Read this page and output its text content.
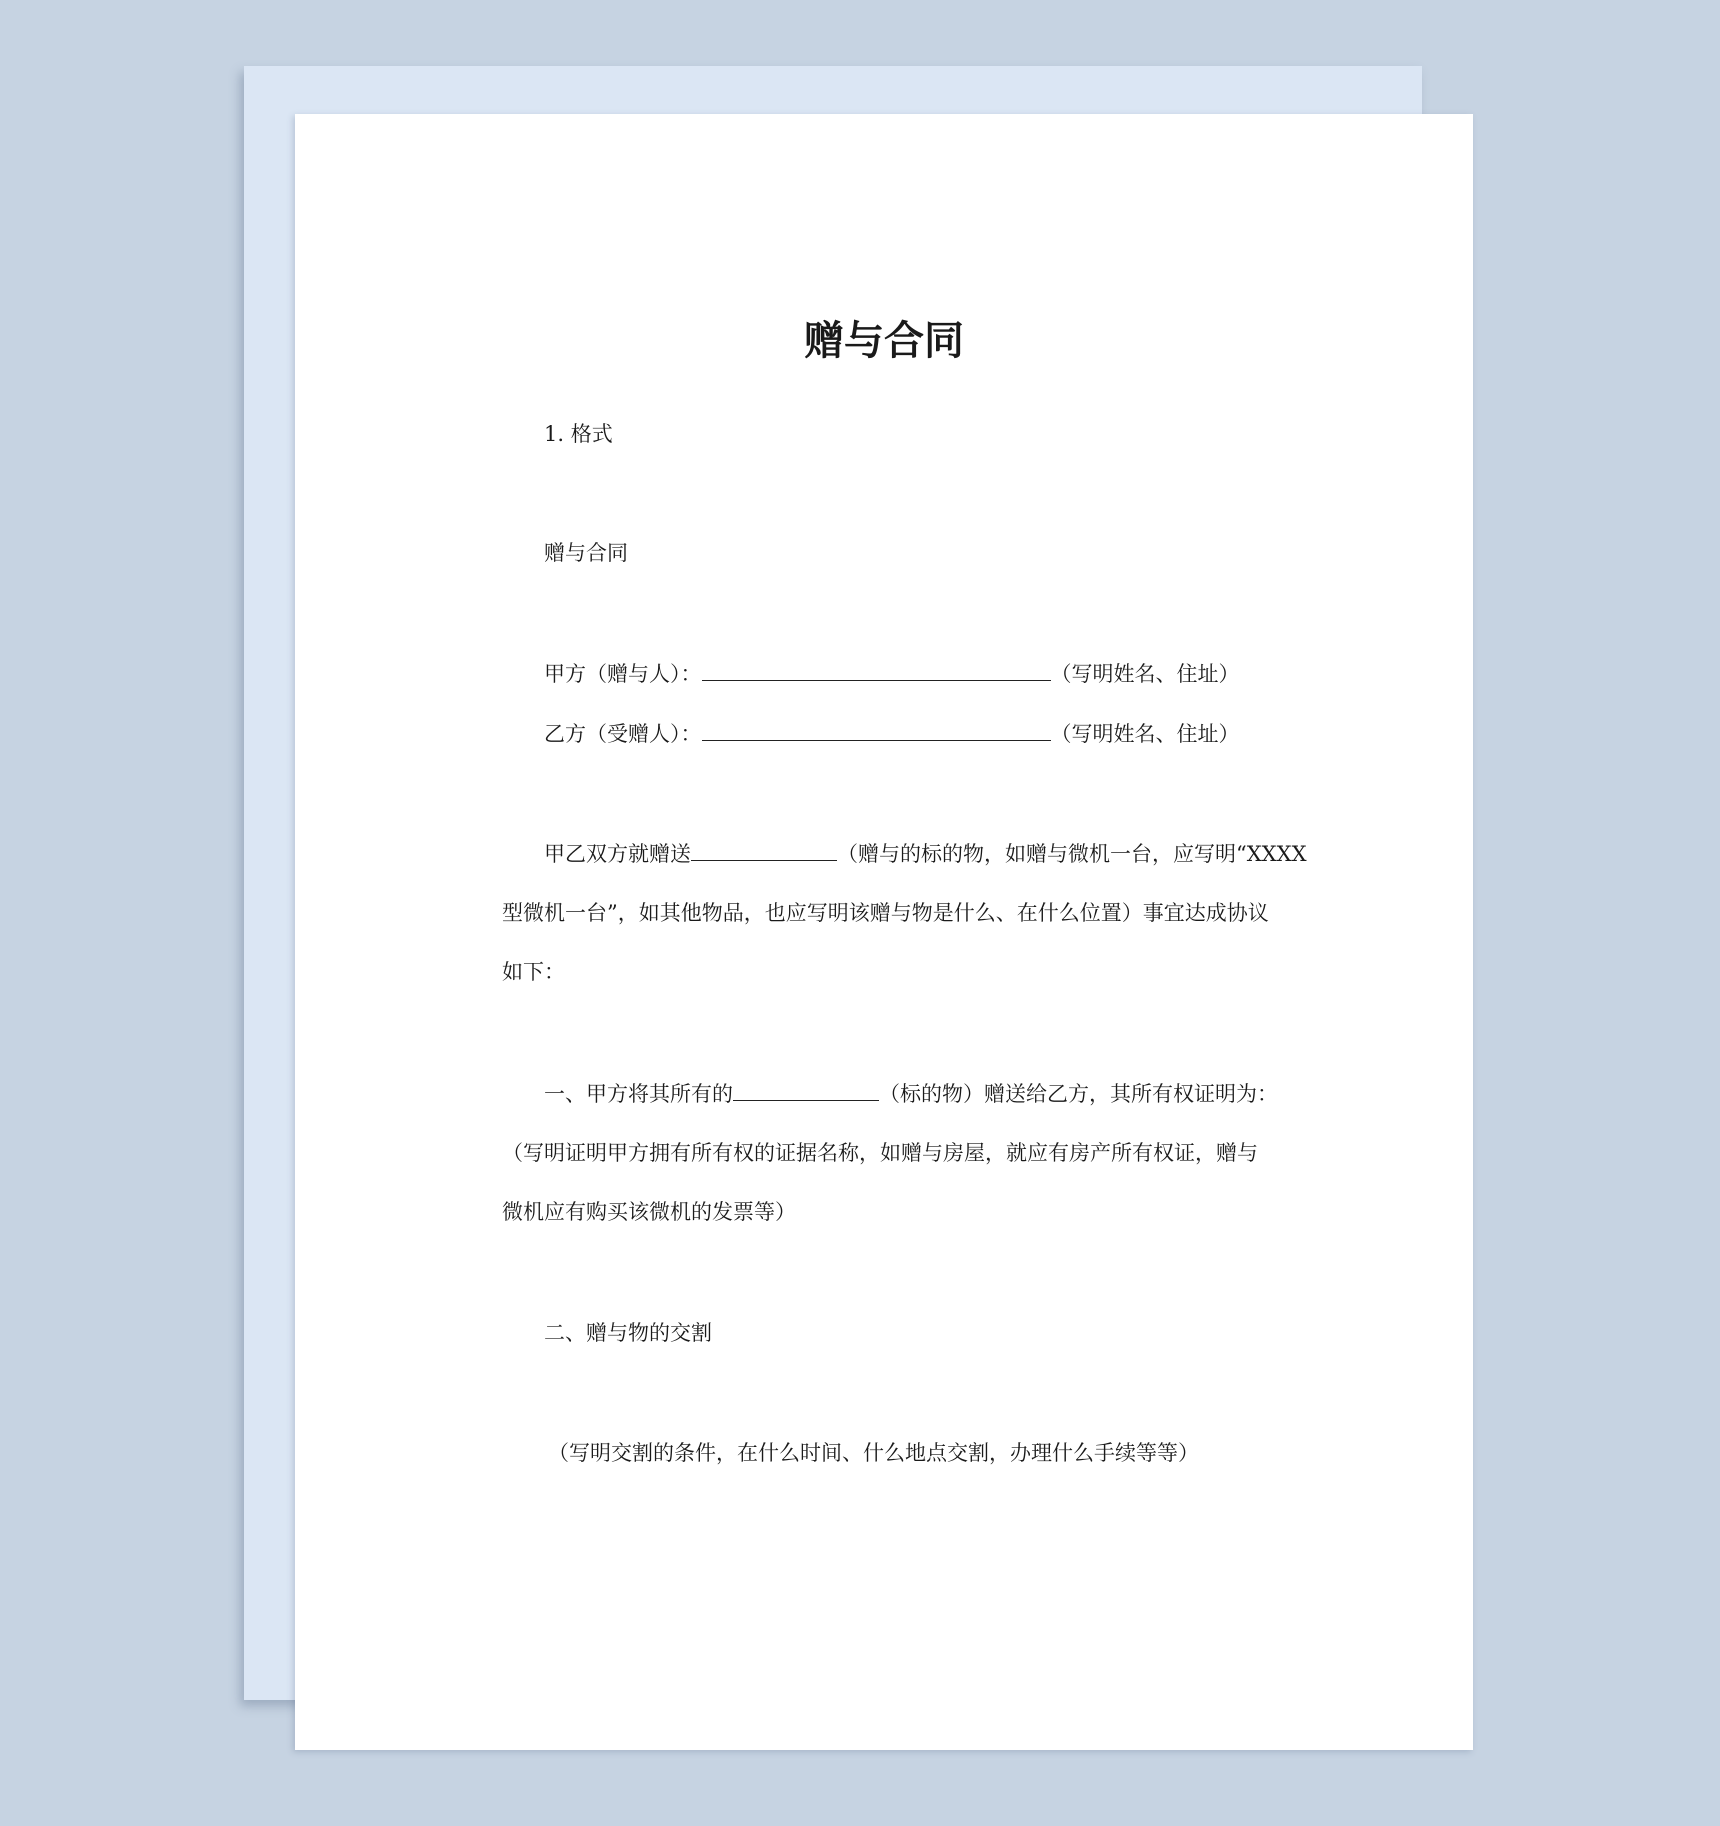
赠与合同
1. 格式
赠与合同
甲方（赠与人）：	（写明姓名、住址）
乙方（受赠人）：	（写明姓名、住址）
甲乙双方就赠送	（赠与的标的物，如赠与微机一台，应写明“XXXX
型微机一台”，如其他物品，也应写明该赠与物是什么、在什么位置）事宜达成协议
如下：
一、甲方将其所有的	（标的物）赠送给乙方，其所有权证明为：
（写明证明甲方拥有所有权的证据名称，如赠与房屋，就应有房产所有权证，赠与
微机应有购买该微机的发票等）
二、赠与物的交割
（写明交割的条件，在什么时间、什么地点交割，办理什么手续等等）
